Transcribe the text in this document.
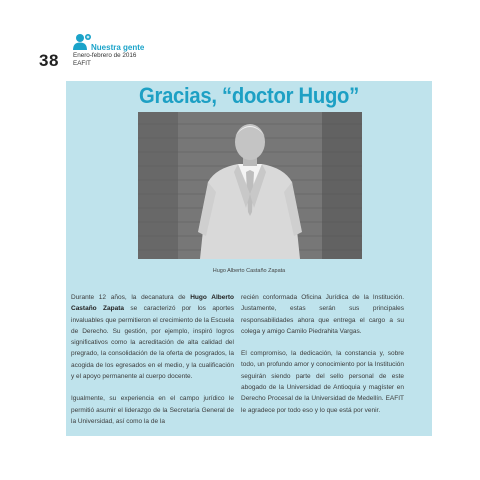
38
Nuestra gente
Enero-febrero de 2016
EAFIT
Gracias, “doctor Hugo”
Hugo Alberto Castaño Zapata

Durante 12 años, la decanatura de Hugo Alberto Castaño Zapata se caracterizó por los aportes invaluables que permitieron el crecimiento de la Escuela de Derecho. Su gestión, por ejemplo, inspiró logros significativos como la acreditación de alta calidad del pregrado, la consolidación de la oferta de posgrados, la acogida de los egresados en el medio, y la cualificación y el apoyo permanente al cuerpo docente.

Igualmente, su experiencia en el campo jurídico le permitió asumir el liderazgo de la Secretaría General de la Universidad, así como la de la

recién conformada Oficina Jurídica de la Institución. Justamente, estas serán sus principales responsabilidades ahora que entrega el cargo a su colega y amigo Camilo Piedrahita Vargas.

El compromiso, la dedicación, la constancia y, sobre todo, un profundo amor y conocimiento por la Institución seguirán siendo parte del sello personal de este abogado de la Universidad de Antioquia y magíster en Derecho Procesal de la Universidad de Medellín. EAFIT le agradece por todo eso y lo que está por venir.
